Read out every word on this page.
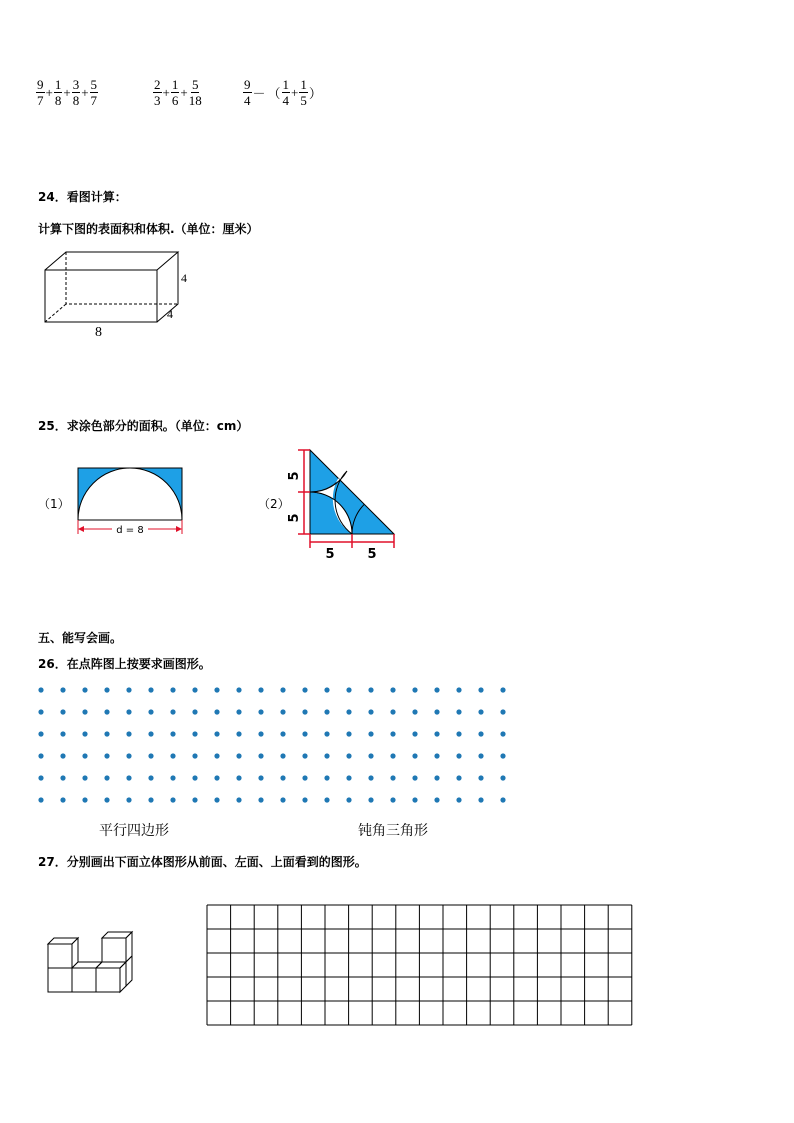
$\frac{9}{7} + \frac{1}{8} + \frac{3}{8} + \frac{5}{7}$	$\frac{2}{3} + \frac{1}{6} + \frac{5}{18}$	$\frac{9}{4}$ － （ $\frac{1}{4} + \frac{1}{5}$ ）
24．看图计算：
计算下图的表面积和体积.（单位：厘米）
8
4
4
25．求涂色部分的面积。（单位：cm）
（1）
d = 8
（2）
5
5
5	5
五、能写会画。
26．在点阵图上按要求画图形。
平行四边形	钝角三角形
27．分别画出下面立体图形从前面、左面、上面看到的图形。
